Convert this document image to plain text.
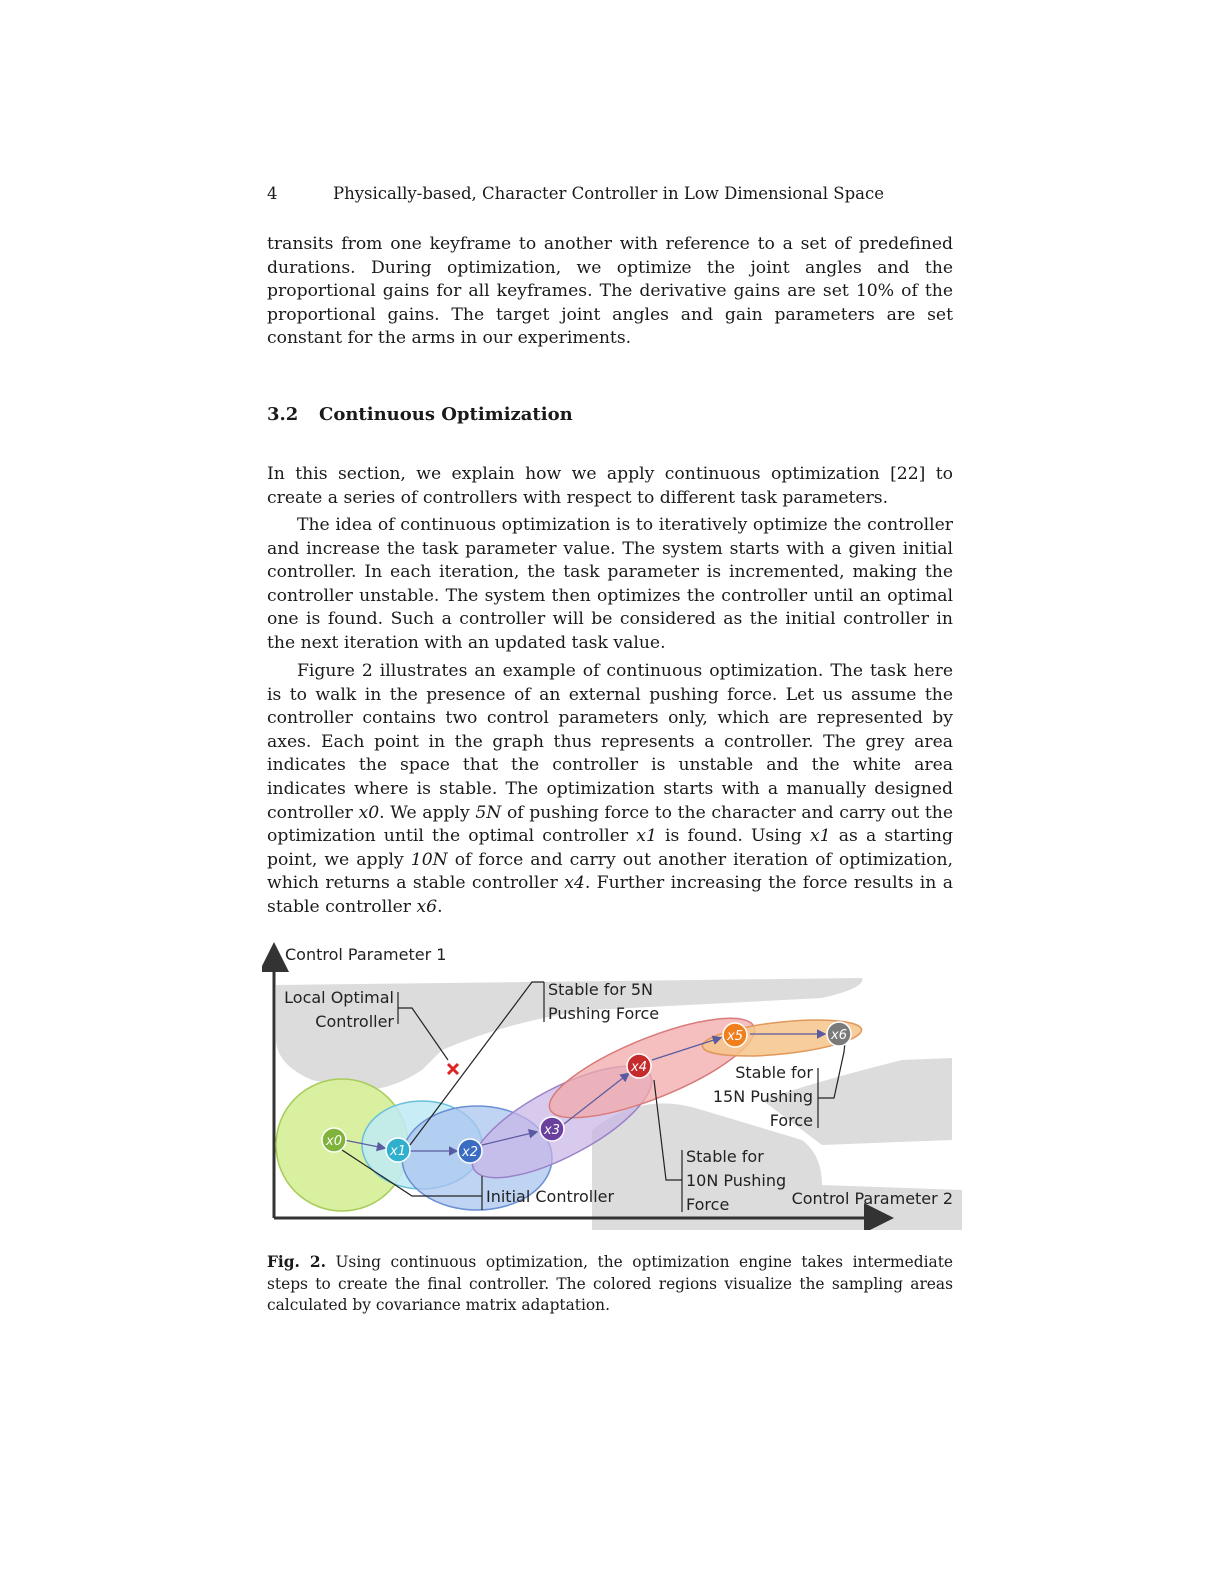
4	Physically-based, Character Controller in Low Dimensional Space

transits from one keyframe to another with reference to a set of predefined durations. During optimization, we optimize the joint angles and the proportional gains for all keyframes. The derivative gains are set 10% of the proportional gains. The target joint angles and gain parameters are set constant for the arms in our experiments.

3.2 Continuous Optimization

In this section, we explain how we apply continuous optimization [22] to create a series of controllers with respect to different task parameters.

The idea of continuous optimization is to iteratively optimize the controller and increase the task parameter value. The system starts with a given initial controller. In each iteration, the task parameter is incremented, making the controller unstable. The system then optimizes the controller until an optimal one is found. Such a controller will be considered as the initial controller in the next iteration with an updated task value.

Figure 2 illustrates an example of continuous optimization. The task here is to walk in the presence of an external pushing force. Let us assume the controller contains two control parameters only, which are represented by axes. Each point in the graph thus represents a controller. The grey area indicates the space that the controller is unstable and the white area indicates where is stable. The optimization starts with a manually designed controller x0. We apply 5N of pushing force to the character and carry out the optimization until the optimal controller x1 is found. Using x1 as a starting point, we apply 10N of force and carry out another iteration of optimization, which returns a stable controller x4. Further increasing the force results in a stable controller x6.

x0
x1	x2
x3
x4
x5	x6
Control Parameter 1
Control Parameter 2
Local Optimal
Controller
Stable for 5N
Pushing Force
Stable for
15N Pushing
Force
Stable for
10N Pushing
Force
Initial Controller

Fig. 2. Using continuous optimization, the optimization engine takes intermediate steps to create the final controller. The colored regions visualize the sampling areas calculated by covariance matrix adaptation.
